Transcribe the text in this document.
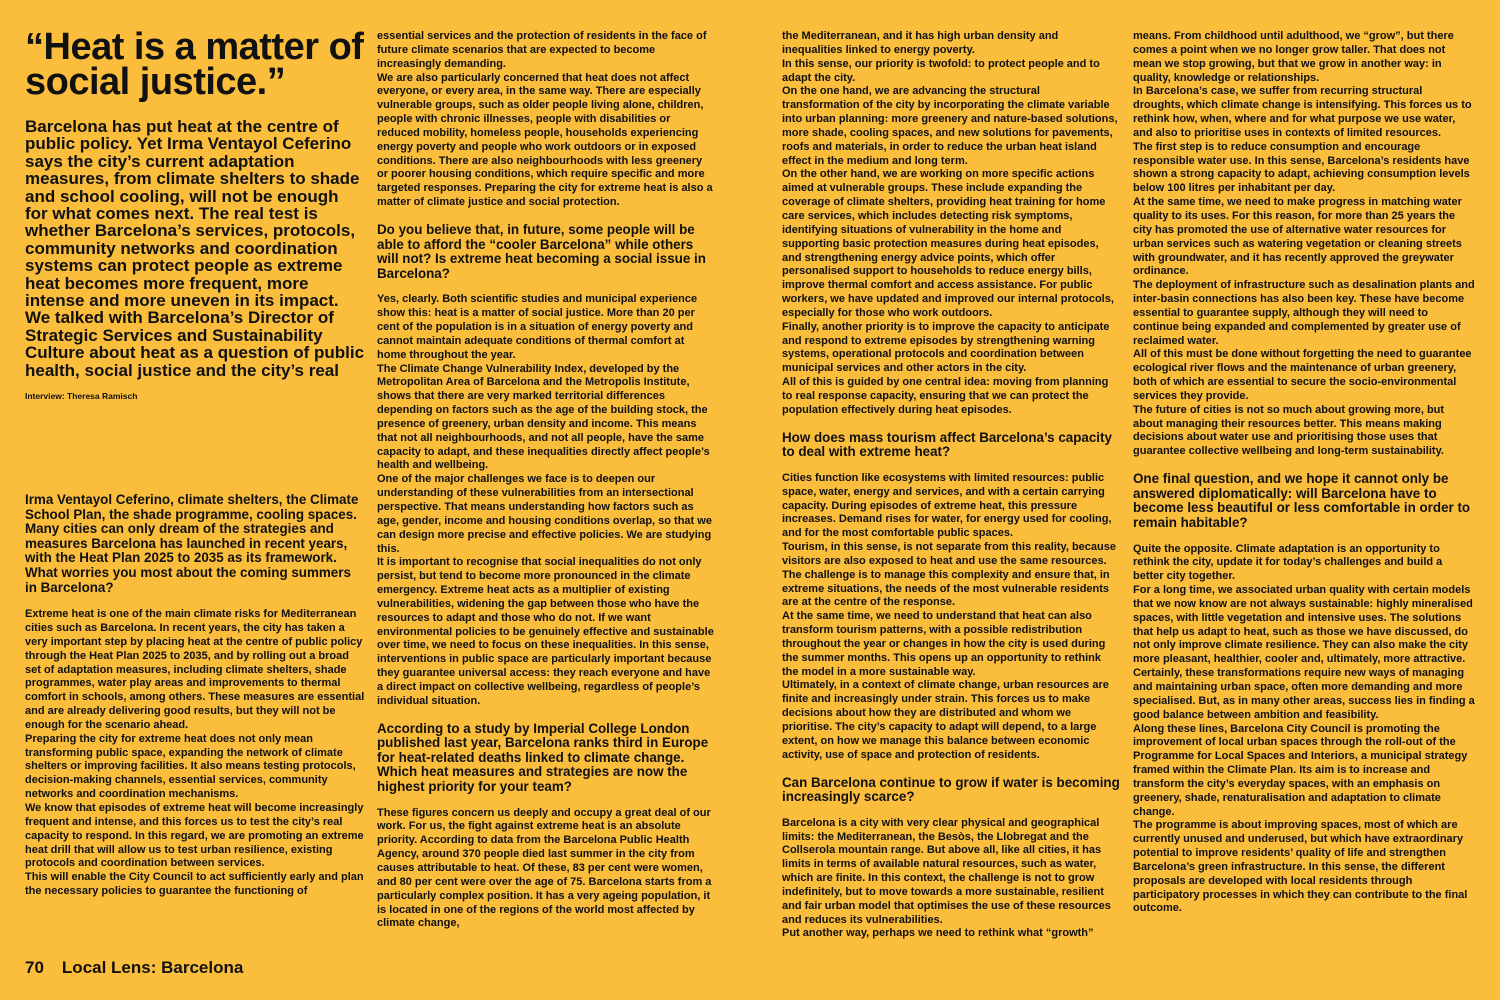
“Heat is a matter of social justice.”

Barcelona has put heat at the centre of public policy. Yet Irma Ventayol Ceferino says the city’s current adaptation measures, from climate shelters to shade and school cooling, will not be enough for what comes next. The real test is whether Barcelona’s services, protocols, community networks and coordination systems can protect people as extreme heat becomes more frequent, more intense and more uneven in its impact. We talked with Barcelona’s Director of Strategic Services and Sustainability Culture about heat as a question of public health, social justice and the city’s real

Interview: Theresa Ramisch

Irma Ventayol Ceferino, climate shelters, the Climate School Plan, the shade programme, cooling spaces. Many cities can only dream of the strategies and measures Barcelona has launched in recent years, with the Heat Plan 2025 to 2035 as its framework. What worries you most about the coming summers in Barcelona?

Extreme heat is one of the main climate risks for Mediterranean cities such as Barcelona. In recent years, the city has taken a very important step by placing heat at the centre of public policy through the Heat Plan 2025 to 2035, and by rolling out a broad set of adaptation measures, including climate shelters, shade programmes, water play areas and improvements to thermal comfort in schools, among others. These measures are essential and are already delivering good results, but they will not be enough for the scenario ahead.

Preparing the city for extreme heat does not only mean transforming public space, expanding the network of climate shelters or improving facilities. It also means testing protocols, decision-making channels, essential services, community networks and coordination mechanisms.

We know that episodes of extreme heat will become increasingly frequent and intense, and this forces us to test the city’s real capacity to respond. In this regard, we are promoting an extreme heat drill that will allow us to test urban resilience, existing protocols and coordination between services.

This will enable the City Council to act sufficiently early and plan the necessary policies to guarantee the functioning of

essential services and the protection of residents in the face of future climate scenarios that are expected to become increasingly demanding.

We are also particularly concerned that heat does not affect everyone, or every area, in the same way. There are especially vulnerable groups, such as older people living alone, children, people with chronic illnesses, people with disabilities or reduced mobility, homeless people, households experiencing energy poverty and people who work outdoors or in exposed conditions. There are also neighbourhoods with less greenery or poorer housing conditions, which require specific and more targeted responses. Preparing the city for extreme heat is also a matter of climate justice and social protection.

Do you believe that, in future, some people will be able to afford the “cooler Barcelona” while others will not? Is extreme heat becoming a social issue in Barcelona?

Yes, clearly. Both scientific studies and municipal experience show this: heat is a matter of social justice. More than 20 per cent of the population is in a situation of energy poverty and cannot maintain adequate conditions of thermal comfort at home throughout the year.

The Climate Change Vulnerability Index, developed by the Metropolitan Area of Barcelona and the Metropolis Institute, shows that there are very marked territorial differences depending on factors such as the age of the building stock, the presence of greenery, urban density and income. This means that not all neighbourhoods, and not all people, have the same capacity to adapt, and these inequalities directly affect people’s health and wellbeing.

One of the major challenges we face is to deepen our understanding of these vulnerabilities from an intersectional perspective. That means understanding how factors such as age, gender, income and housing conditions overlap, so that we can design more precise and effective policies. We are studying this.

It is important to recognise that social inequalities do not only persist, but tend to become more pronounced in the climate emergency. Extreme heat acts as a multiplier of existing vulnerabilities, widening the gap between those who have the resources to adapt and those who do not. If we want environmental policies to be genuinely effective and sustainable over time, we need to focus on these inequalities. In this sense, interventions in public space are particularly important because they guarantee universal access: they reach everyone and have a direct impact on collective wellbeing, regardless of people’s individual situation.

According to a study by Imperial College London published last year, Barcelona ranks third in Europe for heat-related deaths linked to climate change. Which heat measures and strategies are now the highest priority for your team?

These figures concern us deeply and occupy a great deal of our work. For us, the fight against extreme heat is an absolute priority. According to data from the Barcelona Public Health Agency, around 370 people died last summer in the city from causes attributable to heat. Of these, 83 per cent were women, and 80 per cent were over the age of 75. Barcelona starts from a particularly complex position. It has a very ageing population, it is located in one of the regions of the world most affected by climate change,

the Mediterranean, and it has high urban density and inequalities linked to energy poverty.

In this sense, our priority is twofold: to protect people and to adapt the city.

On the one hand, we are advancing the structural transformation of the city by incorporating the climate variable into urban planning: more greenery and nature-based solutions, more shade, cooling spaces, and new solutions for pavements, roofs and materials, in order to reduce the urban heat island effect in the medium and long term.

On the other hand, we are working on more specific actions aimed at vulnerable groups. These include expanding the coverage of climate shelters, providing heat training for home care services, which includes detecting risk symptoms, identifying situations of vulnerability in the home and supporting basic protection measures during heat episodes, and strengthening energy advice points, which offer personalised support to households to reduce energy bills, improve thermal comfort and access assistance. For public workers, we have updated and improved our internal protocols, especially for those who work outdoors.

Finally, another priority is to improve the capacity to anticipate and respond to extreme episodes by strengthening warning systems, operational protocols and coordination between municipal services and other actors in the city.

All of this is guided by one central idea: moving from planning to real response capacity, ensuring that we can protect the population effectively during heat episodes.

How does mass tourism affect Barcelona’s capacity to deal with extreme heat?

Cities function like ecosystems with limited resources: public space, water, energy and services, and with a certain carrying capacity. During episodes of extreme heat, this pressure increases. Demand rises for water, for energy used for cooling, and for the most comfortable public spaces.

Tourism, in this sense, is not separate from this reality, because visitors are also exposed to heat and use the same resources. The challenge is to manage this complexity and ensure that, in extreme situations, the needs of the most vulnerable residents are at the centre of the response.

At the same time, we need to understand that heat can also transform tourism patterns, with a possible redistribution throughout the year or changes in how the city is used during the summer months. This opens up an opportunity to rethink the model in a more sustainable way.

Ultimately, in a context of climate change, urban resources are finite and increasingly under strain. This forces us to make decisions about how they are distributed and whom we prioritise. The city’s capacity to adapt will depend, to a large extent, on how we manage this balance between economic activity, use of space and protection of residents.

Can Barcelona continue to grow if water is becoming increasingly scarce?

Barcelona is a city with very clear physical and geographical limits: the Mediterranean, the Besòs, the Llobregat and the Collserola mountain range. But above all, like all cities, it has limits in terms of available natural resources, such as water, which are finite. In this context, the challenge is not to grow indefinitely, but to move towards a more sustainable, resilient and fair urban model that optimises the use of these resources and reduces its vulnerabilities.

Put another way, perhaps we need to rethink what “growth”

means. From childhood until adulthood, we “grow”, but there comes a point when we no longer grow taller. That does not mean we stop growing, but that we grow in another way: in quality, knowledge or relationships.

In Barcelona’s case, we suffer from recurring structural droughts, which climate change is intensifying. This forces us to rethink how, when, where and for what purpose we use water, and also to prioritise uses in contexts of limited resources.

The first step is to reduce consumption and encourage responsible water use. In this sense, Barcelona’s residents have shown a strong capacity to adapt, achieving consumption levels below 100 litres per inhabitant per day.

At the same time, we need to make progress in matching water quality to its uses. For this reason, for more than 25 years the city has promoted the use of alternative water resources for urban services such as watering vegetation or cleaning streets with groundwater, and it has recently approved the greywater ordinance.

The deployment of infrastructure such as desalination plants and inter-basin connections has also been key. These have become essential to guarantee supply, although they will need to continue being expanded and complemented by greater use of reclaimed water.

All of this must be done without forgetting the need to guarantee ecological river flows and the maintenance of urban greenery, both of which are essential to secure the socio-environmental services they provide.

The future of cities is not so much about growing more, but about managing their resources better. This means making decisions about water use and prioritising those uses that guarantee collective wellbeing and long-term sustainability.

One final question, and we hope it cannot only be answered diplomatically: will Barcelona have to become less beautiful or less comfortable in order to remain habitable?

Quite the opposite. Climate adaptation is an opportunity to rethink the city, update it for today’s challenges and build a better city together.

For a long time, we associated urban quality with certain models that we now know are not always sustainable: highly mineralised spaces, with little vegetation and intensive uses. The solutions that help us adapt to heat, such as those we have discussed, do not only improve climate resilience. They can also make the city more pleasant, healthier, cooler and, ultimately, more attractive.

Certainly, these transformations require new ways of managing and maintaining urban space, often more demanding and more specialised. But, as in many other areas, success lies in finding a good balance between ambition and feasibility.

Along these lines, Barcelona City Council is promoting the improvement of local urban spaces through the roll-out of the Programme for Local Spaces and Interiors, a municipal strategy framed within the Climate Plan. Its aim is to increase and transform the city’s everyday spaces, with an emphasis on greenery, shade, renaturalisation and adaptation to climate change.

The programme is about improving spaces, most of which are currently unused and underused, but which have extraordinary potential to improve residents’ quality of life and strengthen Barcelona’s green infrastructure. In this sense, the different proposals are developed with local residents through participatory processes in which they can contribute to the final outcome.

70 Local Lens: Barcelona
